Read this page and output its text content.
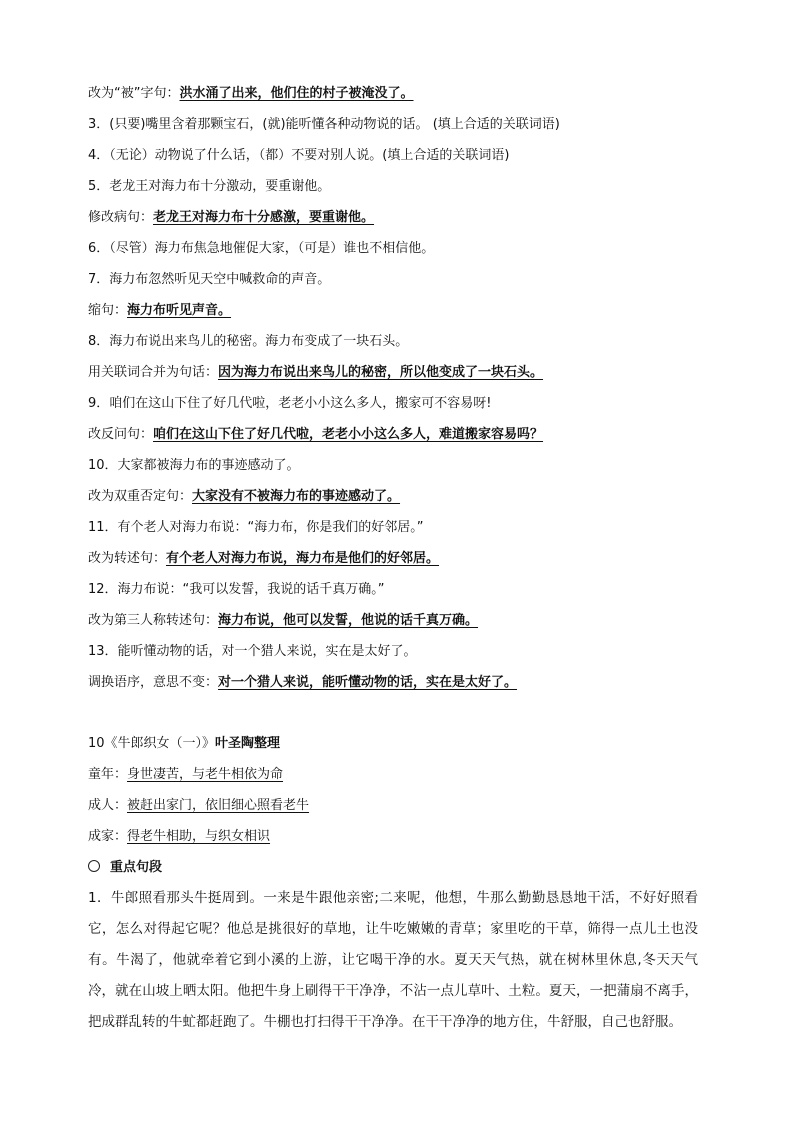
改为“被”字句：洪水涌了出来，他们住的村子被淹没了。
3．(只要)嘴里含着那颗宝石，(就)能听懂各种动物说的话。 (填上合适的关联词语)
4．（无论）动物说了什么话，（都）不要对别人说。(填上合适的关联词语)
5．老龙王对海力布十分激动，要重谢他。
修改病句：老龙王对海力布十分感激，要重谢他。
6．（尽管）海力布焦急地催促大家，（可是）谁也不相信他。
7．海力布忽然听见天空中喊救命的声音。
缩句：海力布听见声音。
8．海力布说出来鸟儿的秘密。海力布变成了一块石头。
用关联词合并为句话：因为海力布说出来鸟儿的秘密，所以他变成了一块石头。
9．咱们在这山下住了好几代啦，老老小小这么多人，搬家可不容易呀!
改反问句：咱们在这山下住了好几代啦，老老小小这么多人，难道搬家容易吗？
10．大家都被海力布的事迹感动了。
改为双重否定句：大家没有不被海力布的事迹感动了。
11．有个老人对海力布说：“海力布，你是我们的好邻居。”
改为转述句：有个老人对海力布说，海力布是他们的好邻居。
12．海力布说：“我可以发誓，我说的话千真万确。”
改为第三人称转述句：海力布说，他可以发誓，他说的话千真万确。
13．能听懂动物的话，对一个猎人来说，实在是太好了。
调换语序，意思不变：对一个猎人来说，能听懂动物的话，实在是太好了。
10《牛郎织女（一）》叶圣陶整理
童年：身世凄苦，与老牛相依为命
成人：被赶出家门，依旧细心照看老牛
成家：得老牛相助，与织女相识
重点句段
1．牛郎照看那头牛挺周到。一来是牛跟他亲密;二来呢，他想，牛那么勤勤恳恳地干活，不好好照看它，怎么对得起它呢？他总是挑很好的草地，让牛吃嫩嫩的青草；家里吃的干草，筛得一点儿土也没有。牛渴了，他就牵着它到小溪的上游，让它喝干净的水。夏天天气热，就在树林里休息,冬天天气冷，就在山坡上晒太阳。他把牛身上刷得干干净净，不沾一点儿草叶、土粒。夏天，一把蒲扇不离手，把成群乱转的牛虻都赶跑了。牛棚也打扫得干干净净。在干干净净的地方住，牛舒服，自己也舒服。
